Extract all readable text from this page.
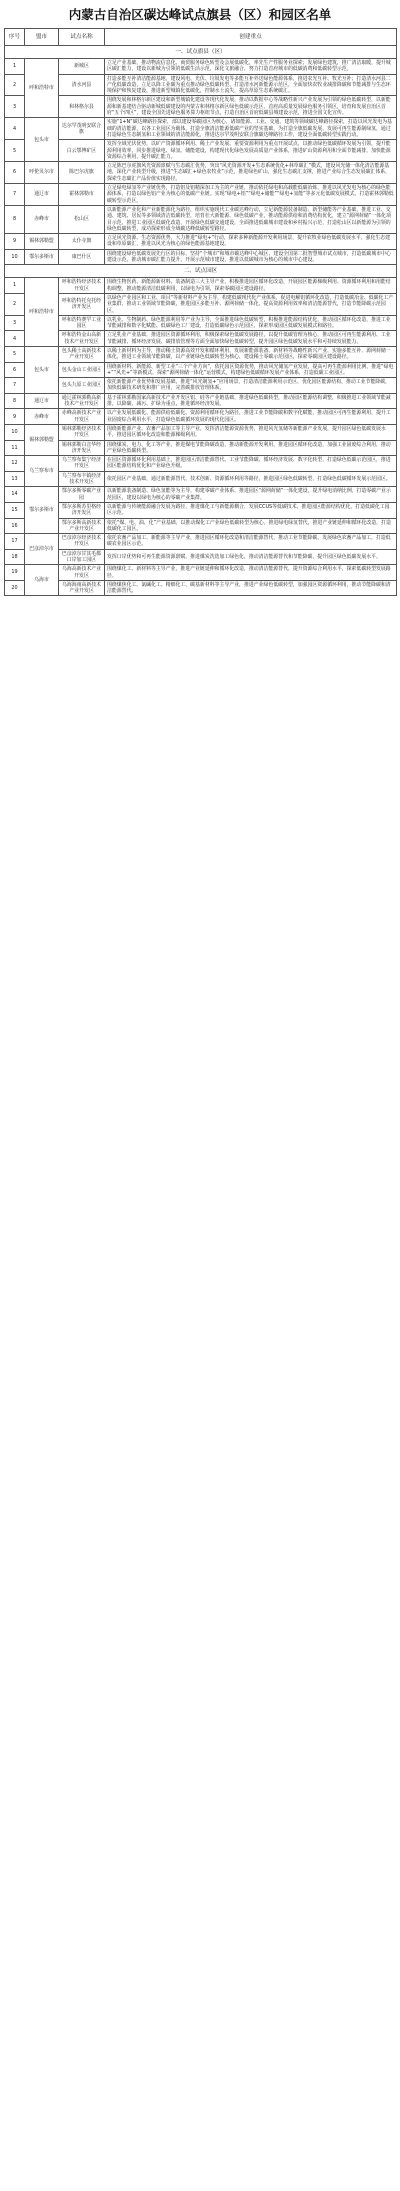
内蒙古自治区碳达峰试点旗县（区）和园区名单
序号	盟市	试点名称	创建重点
一、试点旗县（区）			
1	呼和浩特市	新城区	立足产业基础，推动物流信息化、商贸服务绿色转型及会展低碳化，率先生产性服务业探索；发展绿色建筑，推广清洁取暖，提升城区碳汇能力，建设以新城为引领的低碳生活示范，深化文旅融合，努力打造首府城市的低碳消费和低碳转型示范。
2		清水河县	打造多能互补清洁能源基地，建设风电、光伏、垃圾发电等多能互补外送绿色能源体系，推进农光互补、牧光互补；打造清水河县二产化低碳改造，立足以降工业碳为重点推动绿色低碳转型，打造清水河新能源示范区，全面加快农牧业减排降碳和节能减排与生态环境保护和恢复建设，推进新型城镇化低碳化，控制水土流失，提高草原生态系统碳汇。
3		和林格尔县	围绕发展和林格尔新区建设和新型城镇化建设等现代化发展，推动以数据中心等战略性新兴产业发展为引领的绿色低碳转型，以新能源和新基建结合驱动新城低碳建设的内蒙古和林格尔新区绿色低碳示范区，首府高质量发展绿色服务引领区，培育和发展自治区首府“五个四区”，建设全国先进绿色服务算力枢纽节点，打造自治区首府低碳县城建设示范，推进全国文化宣传。
4	包头市	达尔罕茂明安联合旗	实施“1+N”碳达峰路径探索，部以建设零碳园区为核心，诸如能源、工业、交通、建筑等领域碳达峰路径探索，打造以风光发电为基础的清洁能源，以各工业园区为载体，打造全旗清洁能源低碳产业的坚实基础，为打造全旗低碳发展，发展可再生能源制绿氢，通过打造绿色生态制氢和工业领域的清洁能源化，推进达尔罕茂明安联合旗碳达峰路径工作，建设全面低碳转型实践行动。
5		白云鄂博矿区	发挥全域光伏优势，以矿产资源循环利用、稀土产业发展、重要资源利用为重点开展试点，以推动绿色低碳循环发展为引领，提升能源利用效率，同步推进绿电、绿氢、储能建设，构建现代化绿色发展高质量产业体系，推进矿山资源利用和全面节能减排，加快能源资源综合利用，提升碳汇能力。
6	呼伦贝尔市	陈巴尔虎旗	立足陈巴尔虎旗风光资源禀赋与生态碳汇优势，突出“风光资源开发+生态系统优化+林草碳汇”模式，建设风光储一体化清洁能源基地，深化产业转型升级，推进“生态碳汇+绿色农牧业”示范，推进绿色矿山，强化生态碳汇支撑，推进产业综合生态发展碳汇体系，探索生态碳汇产品价值实现路径。
7	通辽市	霍林郭勒市	立足绿电绿氢等产业链优势，打造铝及铝精深加工为主的产业链，推动依托绿电和高载能低碳冶炼，推进以风光发电为核心的绿色能源体系，打造以绿色铝产业为核心的低碳产业链。实现“绿电+铝”“绿电+储能”“绿电+氢能”等多元化低碳发展模式，打造霍林郭勒低碳转型示范区。
8	赤峰市	松山区	以新能源产业化和产业新能源化为路径，组织实施现代工业碳达峰行动，立足新能源装备制造、新型储能等产业基础，推进工业、交通、建筑、居民等多领域清洁低碳转型，培育壮大新能源、绿色低碳产业，推动能源供给和消费结构优化，建立“源网荷储”一体化项目示范，推进工业园区低碳化改造，开展绿色低碳交通建设，全面推进低碳城市建设和乡村振兴示范，打造松山区以新能源为引领的绿色低碳转型，成功探索形成全域碳达峰低碳转型路径。
9	锡林郭勒盟	太仆寺旗	立足风光资源、生态资源优势，大力推进“绿电+”行动，探索多种新能源开发利用场景，提升农牧业绿色低碳发展水平，强化生态建设和草原碳汇，推进以风光为核心的绿色能源基地建设。
10	鄂尔多斯市	康巴什区	围绕建设绿色低碳发展先行区的目标，坚持“个城市”和城市碳达峰中心城区，建设全国第二批智慧城市试点城市，打造低碳城市中心建设示范，推动城市碳汇能力提升，开展示范城市建设，推进以低碳城市为核心的城市中心建设。
二、试点园区			
1	呼和浩特市	呼和浩特经济技术开发区	围绕生物医药、新能源新材料、装备制造三大主导产业，积极推进园区循环化改造，开展园区能源梯级利用、资源循环利用和用能结构调整，推动能源清洁低碳利用，以绿电为引领，探索零碳园区建设路径。
2		呼和浩特托克托经济开发区	以绿色产业园区和工业、项目“等新材料产业为主导，构建低碳现代化产业体系，促进电解铝循环化改造，打造低碳冶金、低碳化工产业集群，推动工业领域节能降碳，推进园区多能互补、源网荷储一体化，提高资源利用效率和清洁能源替代，打造节能降碳示范园区。
3		呼和浩特赛罕工业园区	以乳业、生物制药、绿色能源利用等产业为主导，全面推进绿色低碳转型，积极推进能源结构优化，推动园区循环化改造，推进工业节能减排和数字化赋能、低碳绿色工厂建设，打造低碳绿色示范园区，探索形成园区低碳发展模式和路径。
4		呼和浩特金山高新技术产业开发区	立足乳业产业基础，推进园区资源循环利用，积极探索绿色低碳发展路径，以提升低碳管理为核心，推动园区可再生能源利用、工业节能减排、循环经济发展、碳排放管理等方面全面加快绿色低碳转型，提升园区绿色低碳发展水平和可持续发展能力。
5	包头市	包头稀土高新技术产业开发区	以稀土新材料为主导，推动稀土资源高效开发和循环利用，发展新能源装备、新材料等战略性新兴产业，实施多能互补、源网荷储一体化，推进工业领域节能降碳，以产业链绿色低碳转型为核心，建设稀土零碳示范园区，探索零碳园区建设路径。
6		包头金山工业园区	围绕新材料、新能源、新型工业“三个产业方向”，依托园区资源优势，推动风光储氢产业发展，提高可再生能源利用比例，推进“绿电+”“风光+”等新模式，探索“源网荷储一体化”运营模式，构建绿色低碳循环发展产业体系，打造低碳工业园区。
7		包头九原工业园区	依托新能源产业优势和发展基础，推进“风光制氢+”应用场景，打造清洁能源利用示范区，优化园区能源结构，推动工业节能降碳，加快低碳技术研发和推广应用，完善碳排放管理体系。
8	通辽市	通辽霍林郭勒高新技术产业开发区	基于霍林郭勒国家高新技术产业开发区铝、硅等产业链基础，推进绿色低碳转型，推动园区能源结构调整，积极推进工业领域节能减排，以降碳、减污、扩绿为重点，推进循环经济发展。
9	赤峰市	赤峰高新技术产业开发区	以产业发展低碳化、能源供给低碳化、资源利用循环化为路径，推进工业节能降碳和数字化赋能，推动园区可再生能源利用，提升工业固废综合利用水平，打造绿色低碳循环发展的现代化园区。
10	锡林郭勒盟	锡林郭勒经济技术开发区	围绕新能源产业、农畜产品加工等主导产业，发挥清洁能源资源优势，推进风光氢储等新能源产业发展，提升园区绿色低碳发展水平，推进园区循环化改造和能源梯级利用。
11		锡林郭勒白音华经济开发区	围绕煤炭、电力、化工等产业，推进煤电节能降碳改造，推动新能源开发利用，推进园区循环化改造，加强工业固废综合利用，推动产业绿色低碳转型。
12	乌兰察布市	乌兰察布集宁经济开发区	在园区资源循环化利用基础上，推进园区清洁能源替代、工业节能降碳、循环经济发展、数字化转型，打造绿色低碳示范园区，推进园区能源结构优化和产业绿色升级。
13		乌兰察布丰镇经济技术开发区	依托园区产业基础，通过新能源替代、技术创新、资源循环利用等路径，推进园区绿色低碳转型，打造绿色低碳循环发展示范园区。
14	鄂尔多斯市	鄂尔多斯零碳产业园	以新能源装备制造、绿色氢能等为主导，构建零碳产业体系，推进园区“源网荷储”一体化建设，提升绿电消纳比例，打造零碳产业示范园区，建设以绿电为核心的零碳产业集群。
15		鄂尔多斯苏里格经济开发区	以新能源与传统能源融合发展为路径，推进煤化工与新能源耦合，发展CCUS等低碳技术，推进园区能源结构优化，打造低碳化工园区示范。
16		鄂尔多斯高新技术产业开发区	依托“煤、电、油、化”产业基础，以推动煤化工产业绿色低碳转型为核心，推进绿电绿氢替代，推进产业链延伸和循环化改造，打造低碳化工园区。
17	巴彦淖尔市	巴彦淖尔经济技术开发区	依托农畜产品加工、新能源等主导产业，推进园区循环化改造和清洁能源替代，推动工业节能降碳，发展绿色农畜产品加工，打造低碳农业园区示范。
18		巴彦淖尔甘其毛都口岸加工园区	发挥口岸优势和可再生能源资源禀赋，推进煤炭洗选加工绿色化，推动清洁能源替代和节能降碳，提升园区绿色低碳发展水平。
19	乌海市	乌海高新技术产业开发区	围绕煤化工、新材料等主导产业，推进产业链延伸和循环化改造，推动清洁能源替代，提升资源综合利用水平，探索低碳转型发展路径。
20		乌海海南高新技术产业开发区	围绕煤焦化工、氯碱化工、精细化工、碳基新材料等主导产业，推进产业绿色低碳转型，加强园区资源循环利用，推动节能降碳和清洁能源替代。
